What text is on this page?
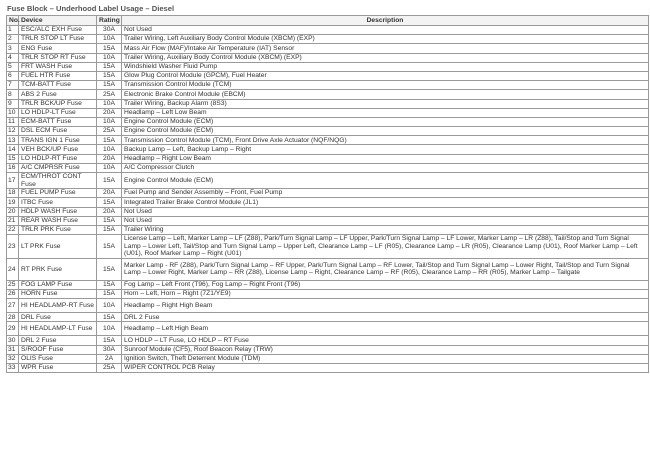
Fuse Block – Underhood Label Usage – Diesel
No.	Device	Rating	Description
1	ESC/ALC EXH Fuse	30A	Not Used
2	TRLR STOP LT Fuse	10A	Trailer Wiring, Left Auxiliary Body Control Module (XBCM) (EXP)
3	ENG Fuse	15A	Mass Air Flow (MAF)/Intake Air Temperature (IAT) Sensor
4	TRLR STOP RT Fuse	10A	Trailer Wiring, Auxiliary Body Control Module (XBCM) (EXP)
5	FRT WASH Fuse	15A	Windshield Washer Fluid Pump
6	FUEL HTR Fuse	15A	Glow Plug Control Module (GPCM), Fuel Heater
7	TCM-BATT Fuse	15A	Transmission Control Module (TCM)
8	ABS 2 Fuse	25A	Electronic Brake Control Module (EBCM)
9	TRLR BCK/UP Fuse	10A	Trailer Wiring, Backup Alarm (8S3)
10	LO HDLP-LT Fuse	20A	Headlamp – Left Low Beam
11	ECM-BATT Fuse	10A	Engine Control Module (ECM)
12	DSL ECM Fuse	25A	Engine Control Module (ECM)
13	TRANS IGN 1 Fuse	15A	Transmission Control Module (TCM), Front Drive Axle Actuator (NQF/NQG)
14	VEH BCK/UP Fuse	10A	Backup Lamp – Left, Backup Lamp – Right
15	LO HDLP-RT Fuse	20A	Headlamp – Right Low Beam
16	A/C CMPRSR Fuse	10A	A/C Compressor Clutch
17	ECM/THROT CONT Fuse	15A	Engine Control Module (ECM)
18	FUEL PUMP Fuse	20A	Fuel Pump and Sender Assembly – Front, Fuel Pump
19	ITBC Fuse	15A	Integrated Trailer Brake Control Module (JL1)
20	HDLP WASH Fuse	20A	Not Used
21	REAR WASH Fuse	15A	Not Used
22	TRLR PRK Fuse	15A	Trailer Wiring
23	LT PRK Fuse	15A	License Lamp – Left, Marker Lamp – LF (Z88), Park/Turn Signal Lamp – LF Upper, Park/Turn Signal Lamp – LF Lower, Marker Lamp – LR (Z88), Tail/Stop and Turn Signal Lamp – Lower Left, Tail/Stop and Turn Signal Lamp – Upper Left, Clearance Lamp – LF (R05), Clearance Lamp – LR (R05), Clearance Lamp (U01), Roof Marker Lamp – Left (U01), Roof Marker Lamp – Right (U01)
24	RT PRK Fuse	15A	Marker Lamp - RF (Z88), Park/Turn Signal Lamp – RF Upper, Park/Turn Signal Lamp – RF Lower, Tail/Stop and Turn Signal Lamp – Lower Right, Tail/Stop and Turn Signal Lamp – Lower Right, Marker Lamp – RR (Z88), License Lamp – Right, Clearance Lamp – RF (R05), Clearance Lamp – RR (R05), Marker Lamp – Tailgate
25	FOG LAMP Fuse	15A	Fog Lamp – Left Front (T96), Fog Lamp – Right Front (T96)
26	HORN Fuse	15A	Horn – Left, Horn – Right (7Z1/YE9)
27	HI HEADLAMP-RT Fuse	10A	Headlamp – Right High Beam
28	DRL Fuse	15A	DRL 2 Fuse
29	HI HEADLAMP-LT Fuse	10A	Headlamp – Left High Beam
30	DRL 2 Fuse	15A	LO HDLP – LT Fuse, LO HDLP – RT Fuse
31	S/ROOF Fuse	30A	Sunroof Module (CF5), Roof Beacon Relay (TRW)
32	OLIS Fuse	2A	Ignition Switch, Theft Deterrent Module (TDM)
33	WPR Fuse	25A	WIPER CONTROL PCB Relay
